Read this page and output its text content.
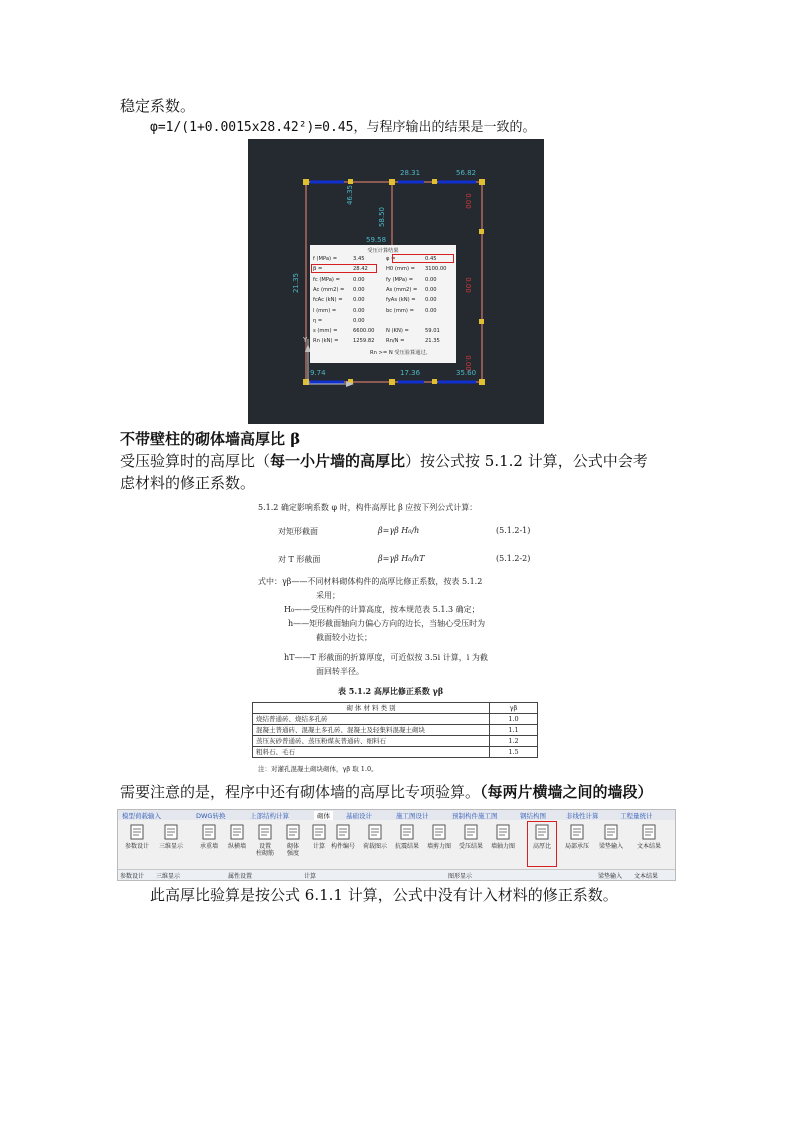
稳定系数。
φ=1/(1+0.0015x28.42²)=0.45，与程序输出的结果是一致的。
28.31	56.82
46.35
58.50
59.58
21.35
0.00
0.00
9.74	17.36	35.60
0.00
Y
受压计算结果
f (MPa) =	3.45	φ =	0.45
β =	28.42	H0 (mm) = 3100.00
fc (MPa) =	0.00	fy (MPa) = 0.00
Ac (mm2) = 0.00	As (mm2) = 0.00
fcAc (kN) = 0.00	fyAs (kN) = 0.00
l (mm) =	0.00	bc (mm) = 0.00
η =	0.00
s (mm) =	6600.00 N (KN) =	59.01
Rn (kN) =	1259.82 Rn/N =	21.35
Rn >= N 受压验算通过。
不带壁柱的砌体墙高厚比 β
受压验算时的高厚比（每一小片墙的高厚比）按公式按 5.1.2 计算，公式中会考
虑材料的修正系数。
5.1.2 确定影响系数 φ 时，构件高厚比 β 应按下列公式计算：
对矩形截面	β=γβ H₀/h	(5.1.2-1)
对 T 形截面	β=γβ H₀/hT	(5.1.2-2)
式中：γβ——不同材料砌体构件的高厚比修正系数，按表 5.1.2
采用；
H₀——受压构件的计算高度，按本规范表 5.1.3 确定；
h——矩形截面轴向力偏心方向的边长，当轴心受压时为
截面较小边长；
hT——T 形截面的折算厚度，可近似按 3.5i 计算，i 为截
面回转半径。
表 5.1.2 高厚比修正系数 γβ
砌 体 材 料 类 别	γβ
烧结普通砖、烧结多孔砖	1.0
混凝土普通砖、混凝土多孔砖、混凝土及轻集料混凝土砌块	1.1
蒸压灰砂普通砖、蒸压粉煤灰普通砖、细料石	1.2
粗料石、毛石	1.5
注：对灌孔混凝土砌块砌体，γβ 取 1.0。
需要注意的是，程序中还有砌体墙的高厚比专项验算。（每两片横墙之间的墙段）
模型荷载输入	DWG转换	上部结构计算	砌体	基础设计	施工图设计	预制构件施工图	钢结构图	非线性计算	工程量统计
参数设计	三维显示	承重墙	纵横墙	设置
柱砌筋
砌体
强度
计算 构件编号	荷载图示	抗震结果	墙剪力图	受压结果	墙轴力图	高厚比	局部承压	梁垫输入	文本结果
参数设计 三维显示	属性设置	计算	图形显示	梁垫输入 文本结果
此高厚比验算是按公式 6.1.1 计算，公式中没有计入材料的修正系数。
